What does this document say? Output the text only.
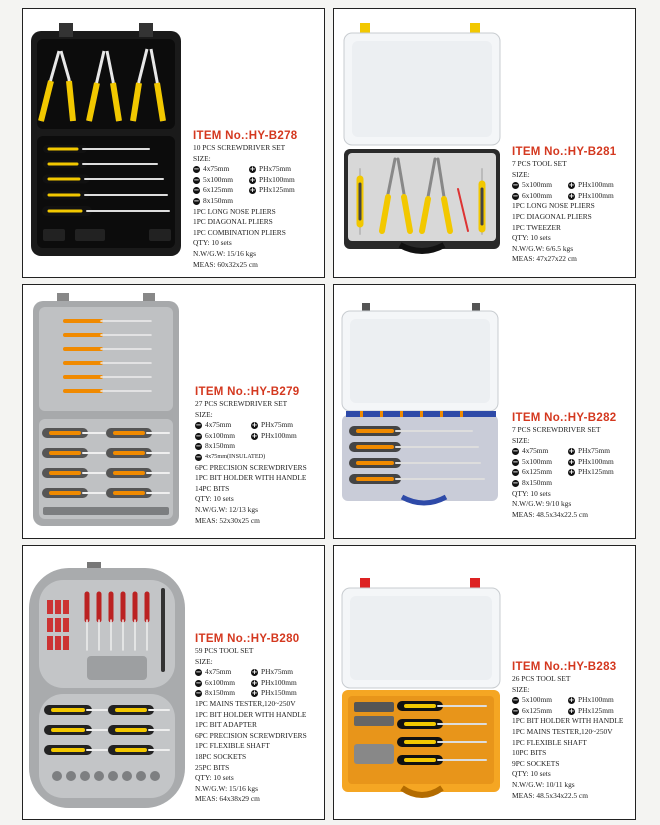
ITEM No.:HY-B278
10 PCS SCREWDRIVER SET
SIZE:
− 4x75mm	+ PHx75mm
− 5x100mm + PHx100mm
− 6x125mm + PHx125mm
− 8x150mm
1PC LONG NOSE PLIERS
1PC DIAGONAL PLIERS
1PC COMBINATION PLIERS
QTY: 10 sets
N.W/G.W: 15/16 kgs
MEAS: 60x32x25 cm
ITEM No.:HY-B281
7 PCS TOOL SET
SIZE:
− 5x100mm + PHx100mm
− 6x100mm + PHx100mm
1PC LONG NOSE PLIERS
1PC DIAGONAL PLIERS
1PC TWEEZER
QTY: 10 sets
N.W/G.W: 6/6.5 kgs
MEAS: 47x27x22 cm
ITEM No.:HY-B279
27 PCS SCREWDRIVER SET
SIZE:
− 4x75mm	+ PHx75mm
− 6x100mm + PHx100mm
− 8x150mm
− 4x75mm(INSULATED)
6PC PRECISION SCREWDRIVERS
1PC BIT HOLDER WITH HANDLE
14PC BITS
QTY: 10 sets
N.W/G.W: 12/13 kgs
MEAS: 52x30x25 cm
ITEM No.:HY-B282
7 PCS SCREWDRIVER SET
SIZE:
− 4x75mm	+ PHx75mm
− 5x100mm + PHx100mm
− 6x125mm + PHx125mm
− 8x150mm
QTY: 10 sets
N.W/G.W: 9/10 kgs
MEAS: 48.5x34x22.5 cm
ITEM No.:HY-B280
59 PCS TOOL SET
SIZE:
− 4x75mm	+ PHx75mm
− 6x100mm + PHx100mm
− 8x150mm + PHx150mm
1PC MAINS TESTER,120~250V
1PC BIT HOLDER WITH HANDLE
1PC BIT ADAPTER
6PC PRECISION SCREWDRIVERS
1PC FLEXIBLE SHAFT
18PC SOCKETS
25PC BITS
QTY: 10 sets
N.W/G.W: 15/16 kgs
MEAS: 64x38x29 cm
ITEM No.:HY-B283
26 PCS TOOL SET
SIZE:
− 5x100mm + PHx100mm
− 6x125mm + PHx125mm
1PC BIT HOLDER WITH HANDLE
1PC MAINS TESTER,120~250V
1PC FLEXIBLE SHAFT
10PC BITS
9PC SOCKETS
QTY: 10 sets
N.W/G.W: 10/11 kgs
MEAS: 48.5x34x22.5 cm
